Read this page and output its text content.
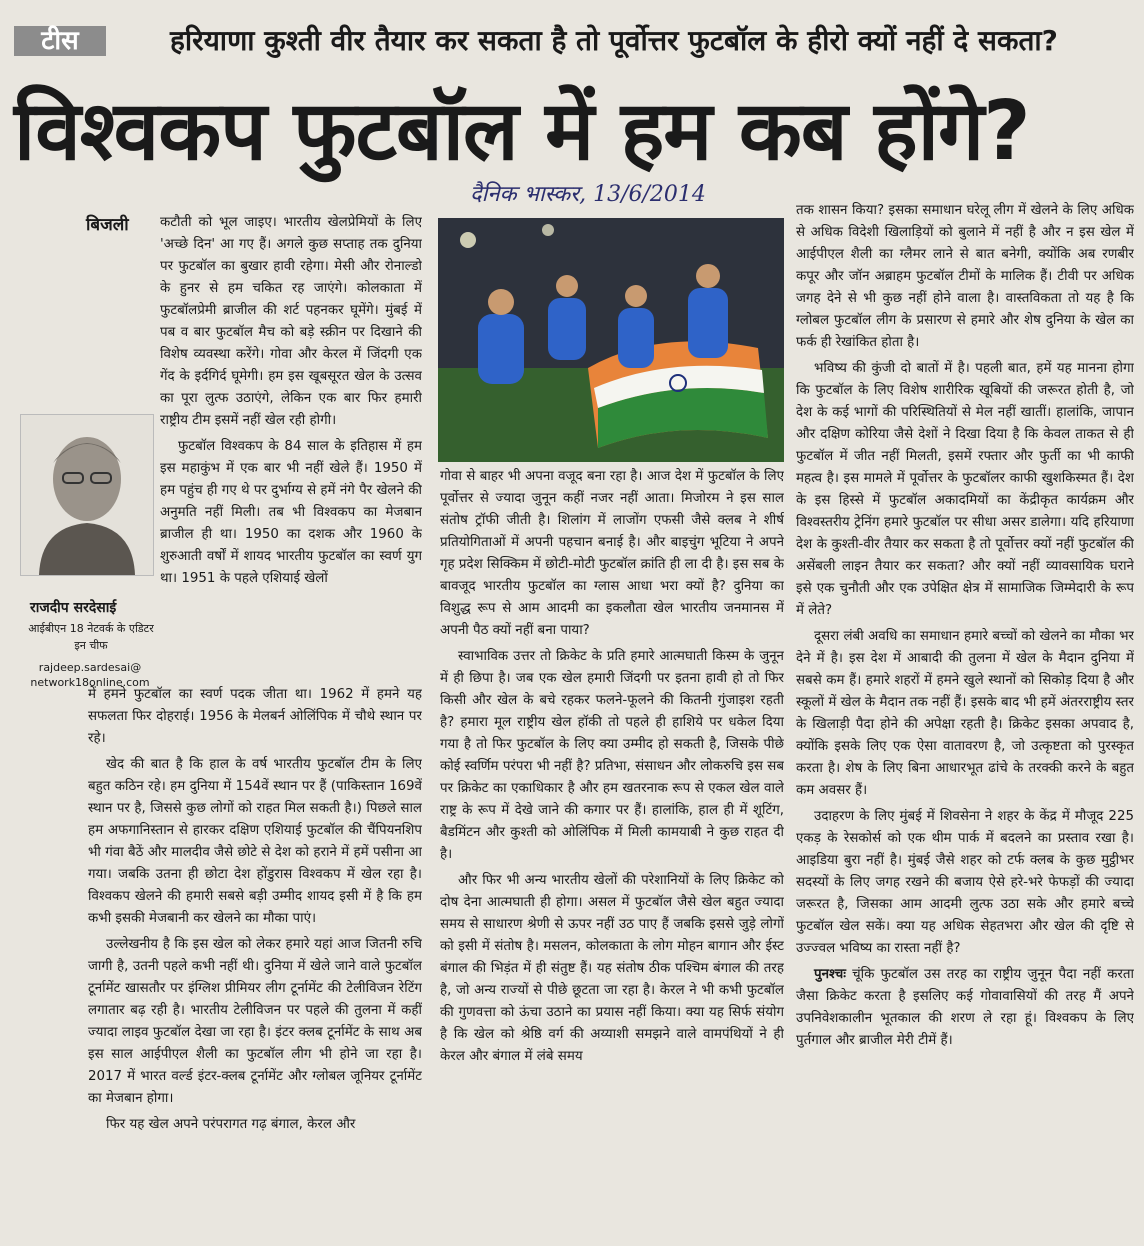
टीस	हरियाणा कुश्ती वीर तैयार कर सकता है तो पूर्वोत्तर फुटबॉल के हीरो क्यों नहीं दे सकता?
विश्वकप फुटबॉल में हम कब होंगे?
दैनिक भास्कर, 13/6/2014
बिजली
राजदीप सरदेसाई
आईबीएन 18 नेटवर्क के एडिटर इन चीफ
rajdeep.sardesai@ network18online.com

कटौती को भूल जाइए। भारतीय खेलप्रेमियों के लिए 'अच्छे दिन' आ गए हैं। अगले कुछ सप्ताह तक दुनिया पर फुटबॉल का बुखार हावी रहेगा। मेसी और रोनाल्डो के हुनर से हम चकित रह जाएंगे। कोलकाता में फुटबॉलप्रेमी ब्राजील की शर्ट पहनकर घूमेंगे। मुंबई में पब व बार फुटबॉल मैच को बड़े स्क्रीन पर दिखाने की विशेष व्यवस्था करेंगे। गोवा और केरल में जिंदगी एक गेंद के इर्दगिर्द घूमेगी। हम इस खूबसूरत खेल के उत्सव का पूरा लुत्फ उठाएंगे, लेकिन एक बार फिर हमारी राष्ट्रीय टीम इसमें नहीं खेल रही होगी।

फुटबॉल विश्वकप के 84 साल के इतिहास में हम इस महाकुंभ में एक बार भी नहीं खेले हैं। 1950 में हम पहुंच ही गए थे पर दुर्भाग्य से हमें नंगे पैर खेलने की अनुमति नहीं मिली। तब भी विश्वकप का मेजबान ब्राजील ही था। 1950 का दशक और 1960 के शुरुआती वर्षों में शायद भारतीय फुटबॉल का स्वर्ण युग था। 1951 के पहले एशियाई खेलों

में हमने फुटबॉल का स्वर्ण पदक जीता था। 1962 में हमने यह सफलता फिर दोहराई। 1956 के मेलबर्न ओलिंपिक में चौथे स्थान पर रहे।

खेद की बात है कि हाल के वर्ष भारतीय फुटबॉल टीम के लिए बहुत कठिन रहे। हम दुनिया में 154वें स्थान पर हैं (पाकिस्तान 169वें स्थान पर है, जिससे कुछ लोगों को राहत मिल सकती है।) पिछले साल हम अफगानिस्तान से हारकर दक्षिण एशियाई फुटबॉल की चैंपियनशिप भी गंवा बैठें और मालदीव जैसे छोटे से देश को हराने में हमें पसीना आ गया। जबकि उतना ही छोटा देश होंडुरास विश्वकप में खेल रहा है। विश्वकप खेलने की हमारी सबसे बड़ी उम्मीद शायद इसी में है कि हम कभी इसकी मेजबानी कर खेलने का मौका पाएं।

उल्लेखनीय है कि इस खेल को लेकर हमारे यहां आज जितनी रुचि जागी है, उतनी पहले कभी नहीं थी। दुनिया में खेले जाने वाले फुटबॉल टूर्नामेंट खासतौर पर इंग्लिश प्रीमियर लीग टूर्नामेंट की टेलीविजन रेटिंग लगातार बढ़ रही है। भारतीय टेलीविजन पर पहले की तुलना में कहीं ज्यादा लाइव फुटबॉल देखा जा रहा है। इंटर क्लब टूर्नामेंट के साथ अब इस साल आईपीएल शैली का फुटबॉल लीग भी होने जा रहा है। 2017 में भारत वर्ल्ड इंटर-क्लब टूर्नामेंट और ग्लोबल जूनियर टूर्नामेंट का मेजबान होगा।

फिर यह खेल अपने परंपरागत गढ़ बंगाल, केरल और

गोवा से बाहर भी अपना वजूद बना रहा है। आज देश में फुटबॉल के लिए पूर्वोत्तर से ज्यादा जुनून कहीं नजर नहीं आता। मिजोरम ने इस साल संतोष ट्रॉफी जीती है। शिलांग में लाजोंग एफसी जैसे क्लब ने शीर्ष प्रतियोगिताओं में अपनी पहचान बनाई है। और बाइचुंग भूटिया ने अपने गृह प्रदेश सिक्किम में छोटी-मोटी फुटबॉल क्रांति ही ला दी है। इस सब के बावजूद भारतीय फुटबॉल का ग्लास आधा भरा क्यों है? दुनिया का विशुद्ध रूप से आम आदमी का इकलौता खेल भारतीय जनमानस में अपनी पैठ क्यों नहीं बना पाया?

स्वाभाविक उत्तर तो क्रिकेट के प्रति हमारे आत्मघाती किस्म के जुनून में ही छिपा है। जब एक खेल हमारी जिंदगी पर इतना हावी हो तो फिर किसी और खेल के बचे रहकर फलने-फूलने की कितनी गुंजाइश रहती है? हमारा मूल राष्ट्रीय खेल हॉकी तो पहले ही हाशिये पर धकेल दिया गया है तो फिर फुटबॉल के लिए क्या उम्मीद हो सकती है, जिसके पीछे कोई स्वर्णिम परंपरा भी नहीं है? प्रतिभा, संसाधन और लोकरुचि इस सब पर क्रिकेट का एकाधिकार है और हम खतरनाक रूप से एकल खेल वाले राष्ट्र के रूप में देखे जाने की कगार पर हैं। हालांकि, हाल ही में शूटिंग, बैडमिंटन और कुश्ती को ओलिंपिक में मिली कामयाबी ने कुछ राहत दी है।

और फिर भी अन्य भारतीय खेलों की परेशानियों के लिए क्रिकेट को दोष देना आत्मघाती ही होगा। असल में फुटबॉल जैसे खेल बहुत ज्यादा समय से साधारण श्रेणी से ऊपर नहीं उठ पाए हैं जबकि इससे जुड़े लोगों को इसी में संतोष है। मसलन, कोलकाता के लोग मोहन बागान और ईस्ट बंगाल की भिड़ंत में ही संतुष्ट हैं। यह संतोष ठीक पश्चिम बंगाल की तरह है, जो अन्य राज्यों से पीछे छूटता जा रहा है। केरल ने भी कभी फुटबॉल की गुणवत्ता को ऊंचा उठाने का प्रयास नहीं किया। क्या यह सिर्फ संयोग है कि खेल को श्रेष्ठि वर्ग की अय्याशी समझने वाले वामपंथियों ने ही केरल और बंगाल में लंबे समय

तक शासन किया? इसका समाधान घरेलू लीग में खेलने के लिए अधिक से अधिक विदेशी खिलाड़ियों को बुलाने में नहीं है और न इस खेल में आईपीएल शैली का ग्लैमर लाने से बात बनेगी, क्योंकि अब रणबीर कपूर और जॉन अब्राहम फुटबॉल टीमों के मालिक हैं। टीवी पर अधिक जगह देने से भी कुछ नहीं होने वाला है। वास्तविकता तो यह है कि ग्लोबल फुटबॉल लीग के प्रसारण से हमारे और शेष दुनिया के खेल का फर्क ही रेखांकित होता है।

भविष्य की कुंजी दो बातों में है। पहली बात, हमें यह मानना होगा कि फुटबॉल के लिए विशेष शारीरिक खूबियों की जरूरत होती है, जो देश के कई भागों की परिस्थितियों से मेल नहीं खातीं। हालांकि, जापान और दक्षिण कोरिया जैसे देशों ने दिखा दिया है कि केवल ताकत से ही फुटबॉल में जीत नहीं मिलती, इसमें रफ्तार और फुर्ती का भी काफी महत्व है। इस मामले में पूर्वोत्तर के फुटबॉलर काफी खुशकिस्मत हैं। देश के इस हिस्से में फुटबॉल अकादमियों का केंद्रीकृत कार्यक्रम और विश्वस्तरीय ट्रेनिंग हमारे फुटबॉल पर सीधा असर डालेगा। यदि हरियाणा देश के कुश्ती-वीर तैयार कर सकता है तो पूर्वोत्तर क्यों नहीं फुटबॉल की असेंबली लाइन तैयार कर सकता? और क्यों नहीं व्यावसायिक घराने इसे एक चुनौती और एक उपेक्षित क्षेत्र में सामाजिक जिम्मेदारी के रूप में लेते?

दूसरा लंबी अवधि का समाधान हमारे बच्चों को खेलने का मौका भर देने में है। इस देश में आबादी की तुलना में खेल के मैदान दुनिया में सबसे कम हैं। हमारे शहरों में हमने खुले स्थानों को सिकोड़ दिया है और स्कूलों में खेल के मैदान तक नहीं हैं। इसके बाद भी हमें अंतरराष्ट्रीय स्तर के खिलाड़ी पैदा होने की अपेक्षा रहती है। क्रिकेट इसका अपवाद है, क्योंकि इसके लिए एक ऐसा वातावरण है, जो उत्कृष्टता को पुरस्कृत करता है। शेष के लिए बिना आधारभूत ढांचे के तरक्की करने के बहुत कम अवसर हैं।

उदाहरण के लिए मुंबई में शिवसेना ने शहर के केंद्र में मौजूद 225 एकड़ के रेसकोर्स को एक थीम पार्क में बदलने का प्रस्ताव रखा है। आइडिया बुरा नहीं है। मुंबई जैसे शहर को टर्फ क्लब के कुछ मुट्ठीभर सदस्यों के लिए जगह रखने की बजाय ऐसे हरे-भरे फेफड़ों की ज्यादा जरूरत है, जिसका आम आदमी लुत्फ उठा सके और हमारे बच्चे फुटबॉल खेल सकें। क्या यह अधिक सेहतभरा और खेल की दृष्टि से उज्ज्वल भविष्य का रास्ता नहीं है?

पुनश्चः चूंकि फुटबॉल उस तरह का राष्ट्रीय जुनून पैदा नहीं करता जैसा क्रिकेट करता है इसलिए कई गोवावासियों की तरह मैं अपने उपनिवेशकालीन भूतकाल की शरण ले रहा हूं। विश्वकप के लिए पुर्तगाल और ब्राजील मेरी टीमें हैं।
